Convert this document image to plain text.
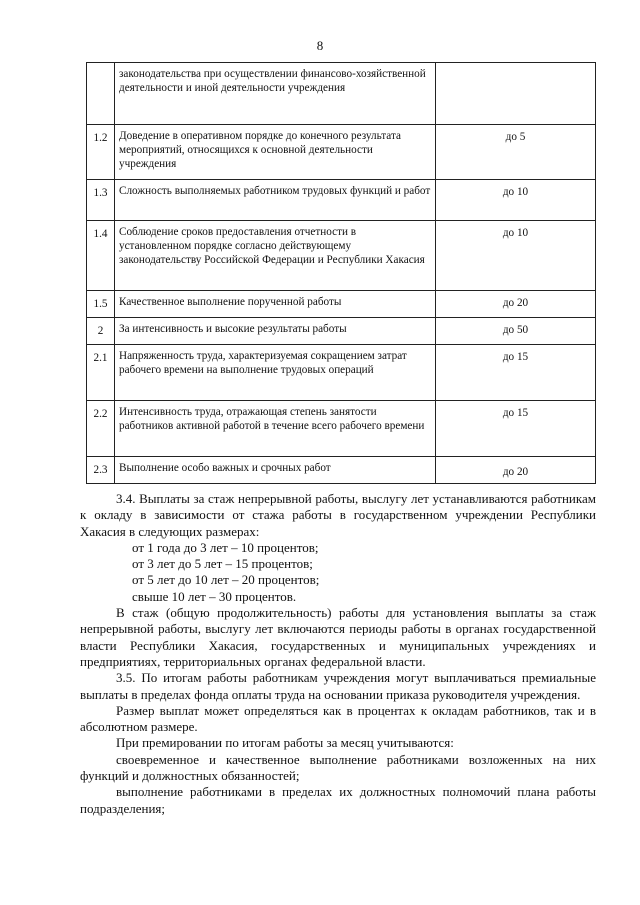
8
	законодательства при осуществлении финансово-хозяйственной деятельности и иной деятельности учреждения	
1.2	Доведение в оперативном порядке до конечного результата мероприятий, относящихся к основной деятельности учреждения	до 5
1.3	Сложность выполняемых работником трудовых функций и работ	до 10
1.4	Соблюдение сроков предоставления отчетности в установленном порядке согласно действующему законодательству Российской Федерации и Республики Хакасия	до 10
1.5	Качественное выполнение порученной работы	до 20
2	За интенсивность и высокие результаты работы	до 50
2.1	Напряженность труда, характеризуемая сокращением затрат рабочего времени на выполнение трудовых операций	до 15
2.2	Интенсивность труда, отражающая степень занятости работников активной работой в течение всего рабочего времени	до 15
2.3	Выполнение особо важных и срочных работ	до 20

3.4. Выплаты за стаж непрерывной работы, выслугу лет устанавливаются работникам к окладу в зависимости от стажа работы в государственном учреждении Республики Хакасия в следующих размерах:

от 1 года до 3 лет – 10 процентов;

от 3 лет до 5 лет – 15 процентов;

от 5 лет до 10 лет – 20 процентов;

свыше 10 лет – 30 процентов.

В стаж (общую продолжительность) работы для установления выплаты за стаж непрерывной работы, выслугу лет включаются периоды работы в органах государственной власти Республики Хакасия, государственных и муниципальных учреждениях и предприятиях, территориальных органах федеральной власти.

3.5. По итогам работы работникам учреждения могут выплачиваться премиальные выплаты в пределах фонда оплаты труда на основании приказа руководителя учреждения.

Размер выплат может определяться как в процентах к окладам работников, так и в абсолютном размере.

При премировании по итогам работы за месяц учитываются:

своевременное и качественное выполнение работниками возложенных на них функций и должностных обязанностей;

выполнение работниками в пределах их должностных полномочий плана работы подразделения;
